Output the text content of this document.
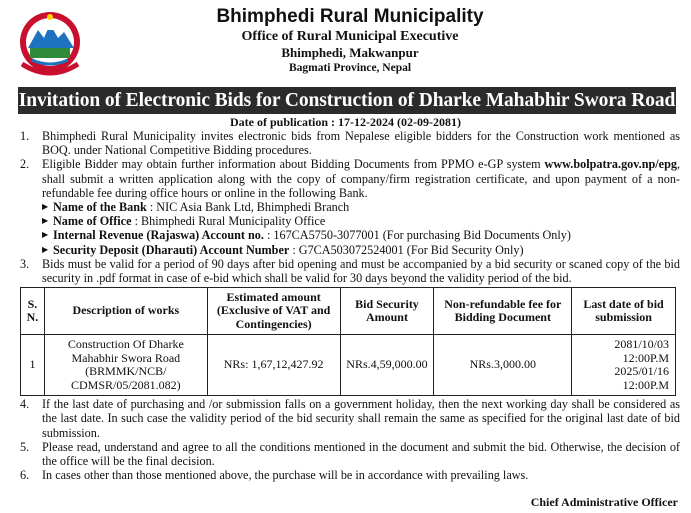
Bhimphedi Rural Municipality
Office of Rural Municipal Executive
Bhimphedi, Makwanpur
Bagmati Province, Nepal
Invitation of Electronic Bids for Construction of Dharke Mahabhir Swora Road
Date of publication : 17-12-2024 (02-09-2081)
1.	Bhimphedi Rural Municipality invites electronic bids from Nepalese eligible bidders for the Construction work mentioned as BOQ. under National Competitive Bidding procedures.
2.	Eligible Bidder may obtain further information about Bidding Documents from PPMO e-GP system www.bolpatra.gov.np/epg, shall submit a written application along with the copy of company/firm registration certificate, and upon payment of a non-refundable fee during office hours or online in the following Bank.
▶ Name of the Bank : NIC Asia Bank Ltd, Bhimphedi Branch
▶ Name of Office : Bhimphedi Rural Municipality Office
▶ Internal Revenue (Rajaswa) Account no. : 167CA5750-3077001 (For purchasing Bid Documents Only)
▶ Security Deposit (Dharauti) Account Number : G7CA503072524001 (For Bid Security Only)
3.	Bids must be valid for a period of 90 days after bid opening and must be accompanied by a bid security or scaned copy of the bid security in .pdf format in case of e-bid which shall be valid for 30 days beyond the validity period of the bid.
S. N.	Description of works	Estimated amount (Exclusive of VAT and Contingencies)	Bid Security Amount	Non-refundable fee for Bidding Document	Last date of bid submission
1	Construction Of Dharke Mahabhir Swora Road (BRMMK/NCB/ CDMSR/05/2081.082)	NRs: 1,67,12,427.92	NRs.4,59,000.00	NRs.3,000.00	2081/10/03
12:00P.M
2025/01/16
12:00P.M
4.	If the last date of purchasing and /or submission falls on a government holiday, then the next working day shall be considered as the last date. In such case the validity period of the bid security shall remain the same as specified for the original last date of bid submission.
5.	Please read, understand and agree to all the conditions mentioned in the document and submit the bid. Otherwise, the decision of the office will be the final decision.
6.	In cases other than those mentioned above, the purchase will be in accordance with prevailing laws.
Chief Administrative Officer
